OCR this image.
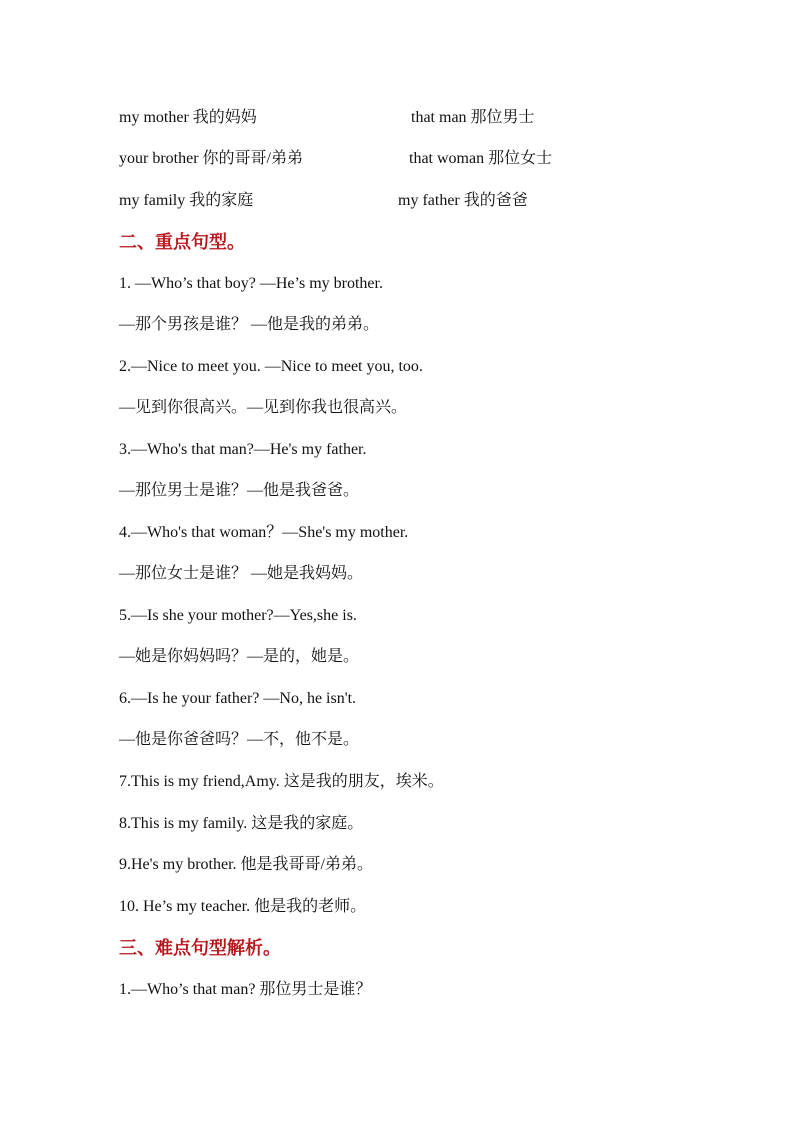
my mother 我的妈妈	that man 那位男士
your brother 你的哥哥/弟弟	that woman 那位女士
my family 我的家庭	my father 我的爸爸
二、重点句型。
1. —Who’s that boy? —He’s my brother.
—那个男孩是谁？ —他是我的弟弟。
2.—Nice to meet you. —Nice to meet you, too.
—见到你很高兴。—见到你我也很高兴。
3.—Who's that man?—He's my father.
—那位男士是谁？—他是我爸爸。
4.—Who's that woman？—She's my mother.
—那位女士是谁？ —她是我妈妈。
5.—Is she your mother?—Yes,she is.
—她是你妈妈吗？—是的，她是。
6.—Is he your father? —No, he isn't.
—他是你爸爸吗？—不，他不是。
7.This is my friend,Amy. 这是我的朋友，埃米。
8.This is my family. 这是我的家庭。
9.He's my brother. 他是我哥哥/弟弟。
10. He’s my teacher. 他是我的老师。
三、难点句型解析。
1.—Who’s that man? 那位男士是谁？
